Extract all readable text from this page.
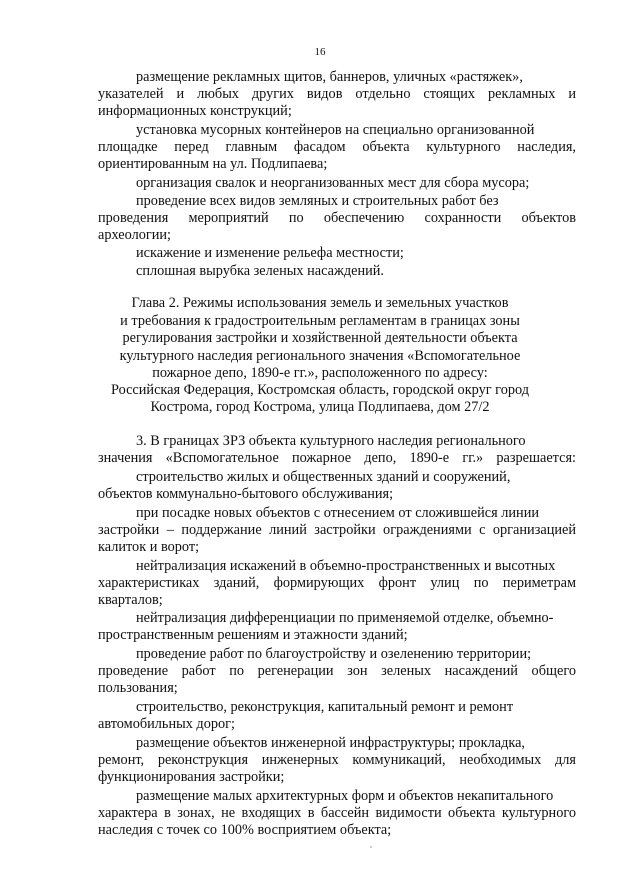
16
размещение рекламных щитов, баннеров, уличных «растяжек»,
указателей и любых других видов отдельно стоящих рекламных и
информационных конструкций;
установка мусорных контейнеров на специально организованной
площадке перед главным фасадом объекта культурного наследия,
ориентированным на ул. Подлипаева;
организация свалок и неорганизованных мест для сбора мусора;
проведение всех видов земляных и строительных работ без
проведения мероприятий по обеспечению сохранности объектов
археологии;
искажение и изменение рельефа местности;
сплошная вырубка зеленых насаждений.
Глава 2. Режимы использования земель и земельных участков
и требования к градостроительным регламентам в границах зоны
регулирования застройки и хозяйственной деятельности объекта
культурного наследия регионального значения «Вспомогательное
пожарное депо, 1890-е гг.», расположенного по адресу:
Российская Федерация, Костромская область, городской округ город
Кострома, город Кострома, улица Подлипаева, дом 27/2
3. В границах ЗРЗ объекта культурного наследия регионального
значения «Вспомогательное пожарное депо, 1890-е гг.» разрешается:
строительство жилых и общественных зданий и сооружений,
объектов коммунально-бытового обслуживания;
при посадке новых объектов с отнесением от сложившейся линии
застройки – поддержание линий застройки ограждениями с организацией
калиток и ворот;
нейтрализация искажений в объемно-пространственных и высотных
характеристиках зданий, формирующих фронт улиц по периметрам
кварталов;
нейтрализация дифференциации по применяемой отделке, объемно-
пространственным решениям и этажности зданий;
проведение работ по благоустройству и озеленению территории;
проведение работ по регенерации зон зеленых насаждений общего
пользования;
строительство, реконструкция, капитальный ремонт и ремонт
автомобильных дорог;
размещение объектов инженерной инфраструктуры; прокладка,
ремонт, реконструкция инженерных коммуникаций, необходимых для
функционирования застройки;
размещение малых архитектурных форм и объектов некапитального
характера в зонах, не входящих в бассейн видимости объекта культурного
наследия с точек со 100% восприятием объекта;
